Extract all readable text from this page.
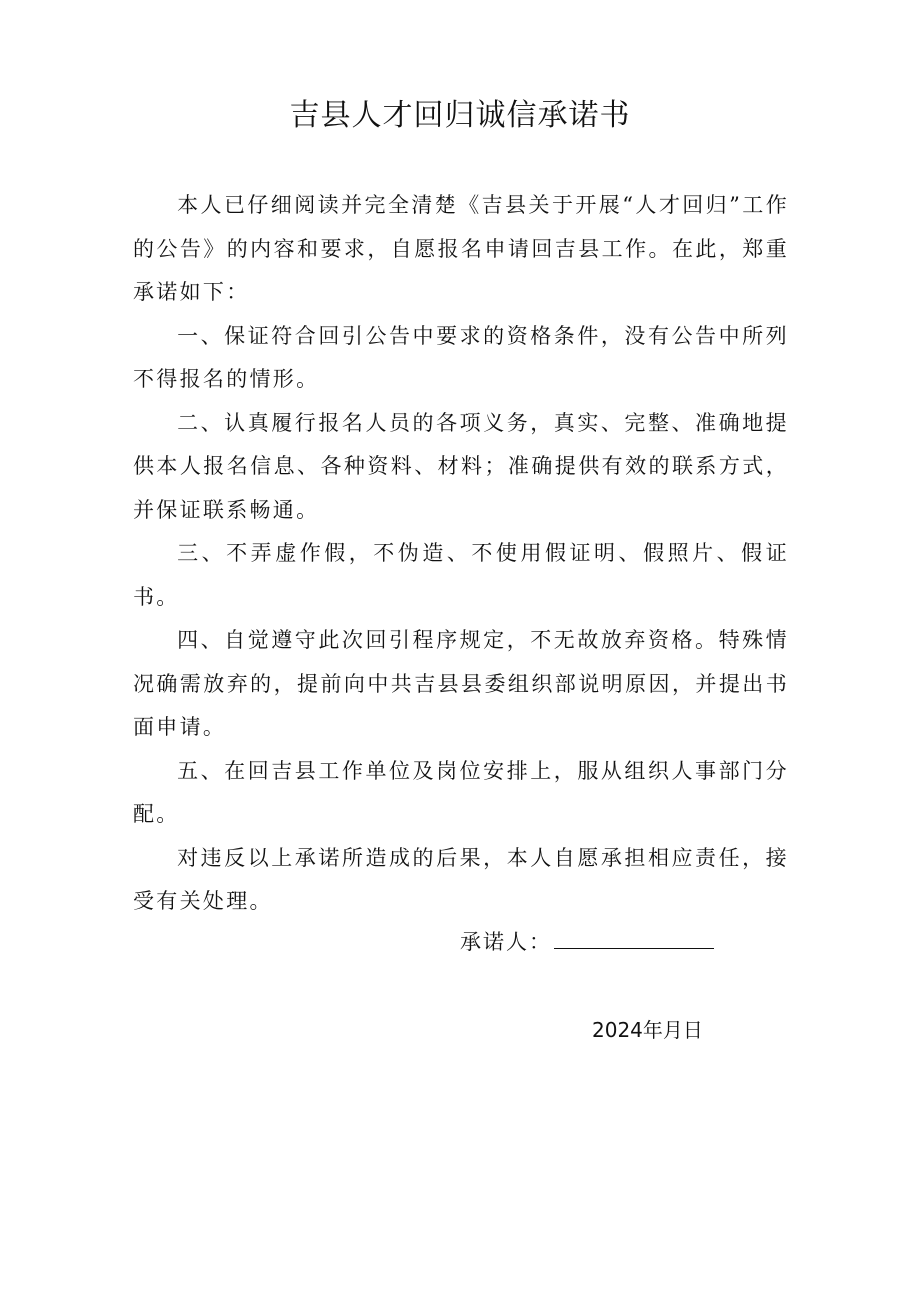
吉县人才回归诚信承诺书

本人已仔细阅读并完全清楚《吉县关于开展“人才回归”工作的公告》的内容和要求，自愿报名申请回吉县工作。在此，郑重承诺如下：

一、保证符合回引公告中要求的资格条件，没有公告中所列不得报名的情形。

二、认真履行报名人员的各项义务，真实、完整、准确地提供本人报名信息、各种资料、材料；准确提供有效的联系方式，并保证联系畅通。

三、不弄虚作假，不伪造、不使用假证明、假照片、假证书。

四、自觉遵守此次回引程序规定，不无故放弃资格。特殊情况确需放弃的，提前向中共吉县县委组织部说明原因，并提出书面申请。

五、在回吉县工作单位及岗位安排上，服从组织人事部门分配。

对违反以上承诺所造成的后果，本人自愿承担相应责任，接受有关处理。

承诺人：
2024年月日
